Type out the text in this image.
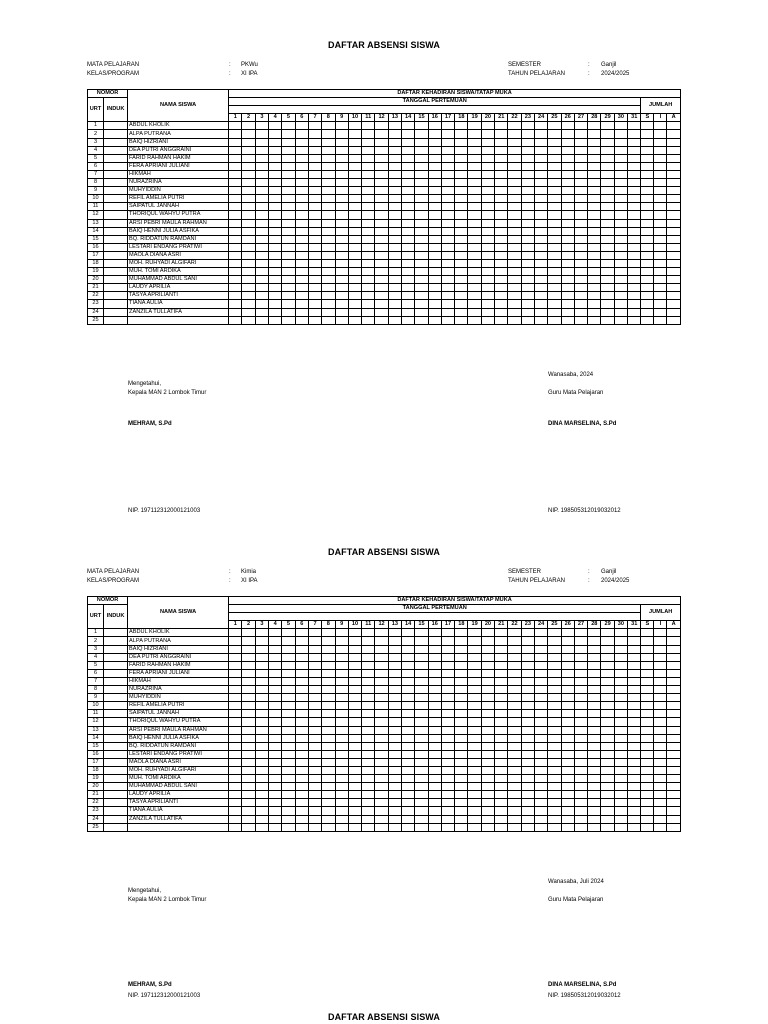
DAFTAR ABSENSI SISWA
MATA PELAJARAN	: PKWu
KELAS/PROGRAM	: XI IPA
SEMESTER	: Ganjil
TAHUN PELAJARAN	: 2024/2025
NOMOR		NAMA SISWA	DAFTAR KEHADIRAN SISWA/TATAP MUKA																																	
URT	INDUK		TANGGAL PERTEMUAN																															JUMLAH		

			1	2	3	4	5	6	7	8	9	10	11	12	13	14	15	16	17	18	19	20	21	22	23	24	25	26	27	28	29	30	31	S	I	A
1		ABDUL KHOLIK																																		
2		ALPA PUTRANA																																		
3		BAIQ HIZRIANI																																		
4		DEA PUTRI ANGGRAINI																																		
5		FARID RAHMAN HAKIM																																		
6		FERA APRIANI JULIANI																																		
7		HIKMAH																																		
8		NURAZRINA																																		
9		MUHYIDDIN																																		
10		REFIL AMELIA PUTRI																																		
11		SAIPATUL JANNAH																																		
12		THORIQUL WAHYU PUTRA																																		
13		ARSI PEBRI MAULA RAHMAN																																		
14		BAIQ HENNI JULIA ASFIKA																																		
15		BQ. RIDDATUN RAMDANI																																		
16		LESTARI ENDANG PRATIWI																																		
17		MAOLA DIANA ASRI																																		
18		MOH. RUHYADI ALGIFARI																																		
19		MUH. TOMI ARDIKA																																		
20		MUHAMMAD ABDUL SANI																																		
21		LAUDY APRILIA																																		
22		TASYA APRILIANTI																																		
23		TIANA AULIA																																		
24		ZANZILA TULLATIFA																																		
25																																				
Wanasaba, 2024
Mengetahui,
Kepala MAN 2 Lombok Timur	Guru Mata Pelajaran
MEHRAM, S.Pd	DINA MARSELINA, S.Pd
NIP. 197112312000121003	NIP. 198505312019032012
DAFTAR ABSENSI SISWA
MATA PELAJARAN	: Kimia
KELAS/PROGRAM	: XI IPA
SEMESTER	: Ganjil
TAHUN PELAJARAN	: 2024/2025
NOMOR		NAMA SISWA	DAFTAR KEHADIRAN SISWA/TATAP MUKA																																	
URT	INDUK		TANGGAL PERTEMUAN																															JUMLAH		

			1	2	3	4	5	6	7	8	9	10	11	12	13	14	15	16	17	18	19	20	21	22	23	24	25	26	27	28	29	30	31	S	I	A
1		ABDUL KHOLIK																																		
2		ALPA PUTRANA																																		
3		BAIQ HIZRIANI																																		
4		DEA PUTRI ANGGRAINI																																		
5		FARID RAHMAN HAKIM																																		
6		FERA APRIANI JULIANI																																		
7		HIKMAH																																		
8		NURAZRINA																																		
9		MUHYIDDIN																																		
10		REFIL AMELIA PUTRI																																		
11		SAIPATUL JANNAH																																		
12		THORIQUL WAHYU PUTRA																																		
13		ARSI PEBRI MAULA RAHMAN																																		
14		BAIQ HENNI JULIA ASFIKA																																		
15		BQ. RIDDATUN RAMDANI																																		
16		LESTARI ENDANG PRATIWI																																		
17		MAOLA DIANA ASRI																																		
18		MOH. RUHYADI ALGIFARI																																		
19		MUH. TOMI ARDIKA																																		
20		MUHAMMAD ABDUL SANI																																		
21		LAUDY APRILIA																																		
22		TASYA APRILIANTI																																		
23		TIANA AULIA																																		
24		ZANZILA TULLATIFA																																		
25																																				
Wanasaba, Juli 2024
Mengetahui,
Kepala MAN 2 Lombok Timur	Guru Mata Pelajaran
MEHRAM, S.Pd	DINA MARSELINA, S.Pd
NIP. 197112312000121003	NIP. 198505312019032012
DAFTAR ABSENSI SISWA
